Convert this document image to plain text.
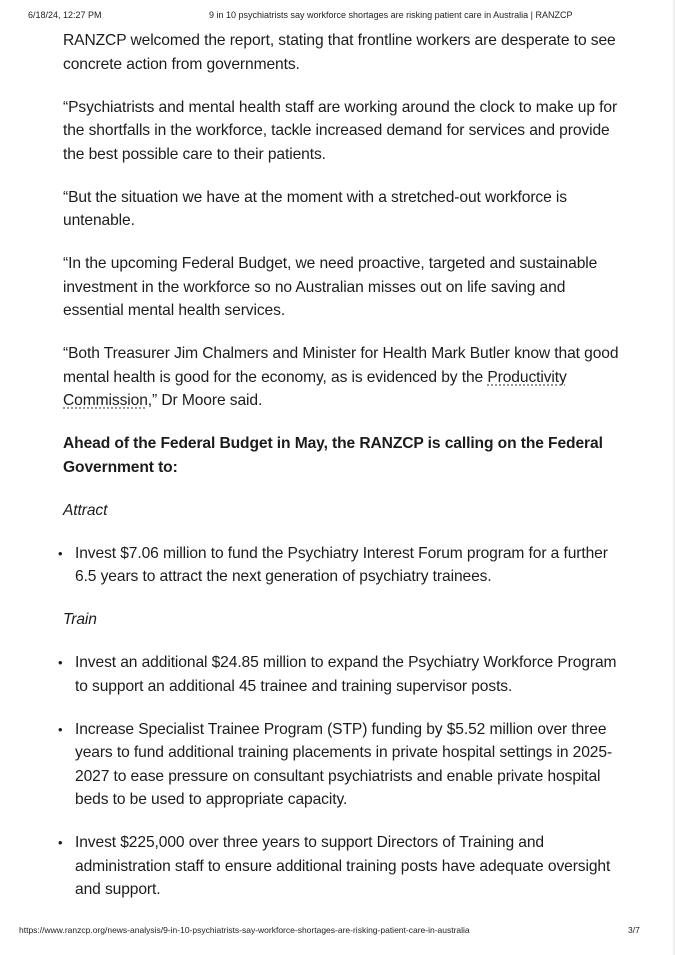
6/18/24, 12:27 PM	9 in 10 psychiatrists say workforce shortages are risking patient care in Australia | RANZCP

RANZCP welcomed the report, stating that frontline workers are desperate to see concrete action from governments.

“Psychiatrists and mental health staff are working around the clock to make up for the shortfalls in the workforce, tackle increased demand for services and provide the best possible care to their patients.

“But the situation we have at the moment with a stretched-out workforce is untenable.

“In the upcoming Federal Budget, we need proactive, targeted and sustainable investment in the workforce so no Australian misses out on life saving and essential mental health services.

“Both Treasurer Jim Chalmers and Minister for Health Mark Butler know that good mental health is good for the economy, as is evidenced by the Productivity Commission,” Dr Moore said.

Ahead of the Federal Budget in May, the RANZCP is calling on the Federal Government to:

Attract
• Invest $7.06 million to fund the Psychiatry Interest Forum program for a further 6.5 years to attract the next generation of psychiatry trainees.
Train
• Invest an additional $24.85 million to expand the Psychiatry Workforce Program to support an additional 45 trainee and training supervisor posts.
• Increase Specialist Trainee Program (STP) funding by $5.52 million over three years to fund additional training placements in private hospital settings in 2025-2027 to ease pressure on consultant psychiatrists and enable private hospital beds to be used to appropriate capacity.
• Invest $225,000 over three years to support Directors of Training and administration staff to ensure additional training posts have adequate oversight and support.
https://www.ranzcp.org/news-analysis/9-in-10-psychiatrists-say-workforce-shortages-are-risking-patient-care-in-australia	3/7
